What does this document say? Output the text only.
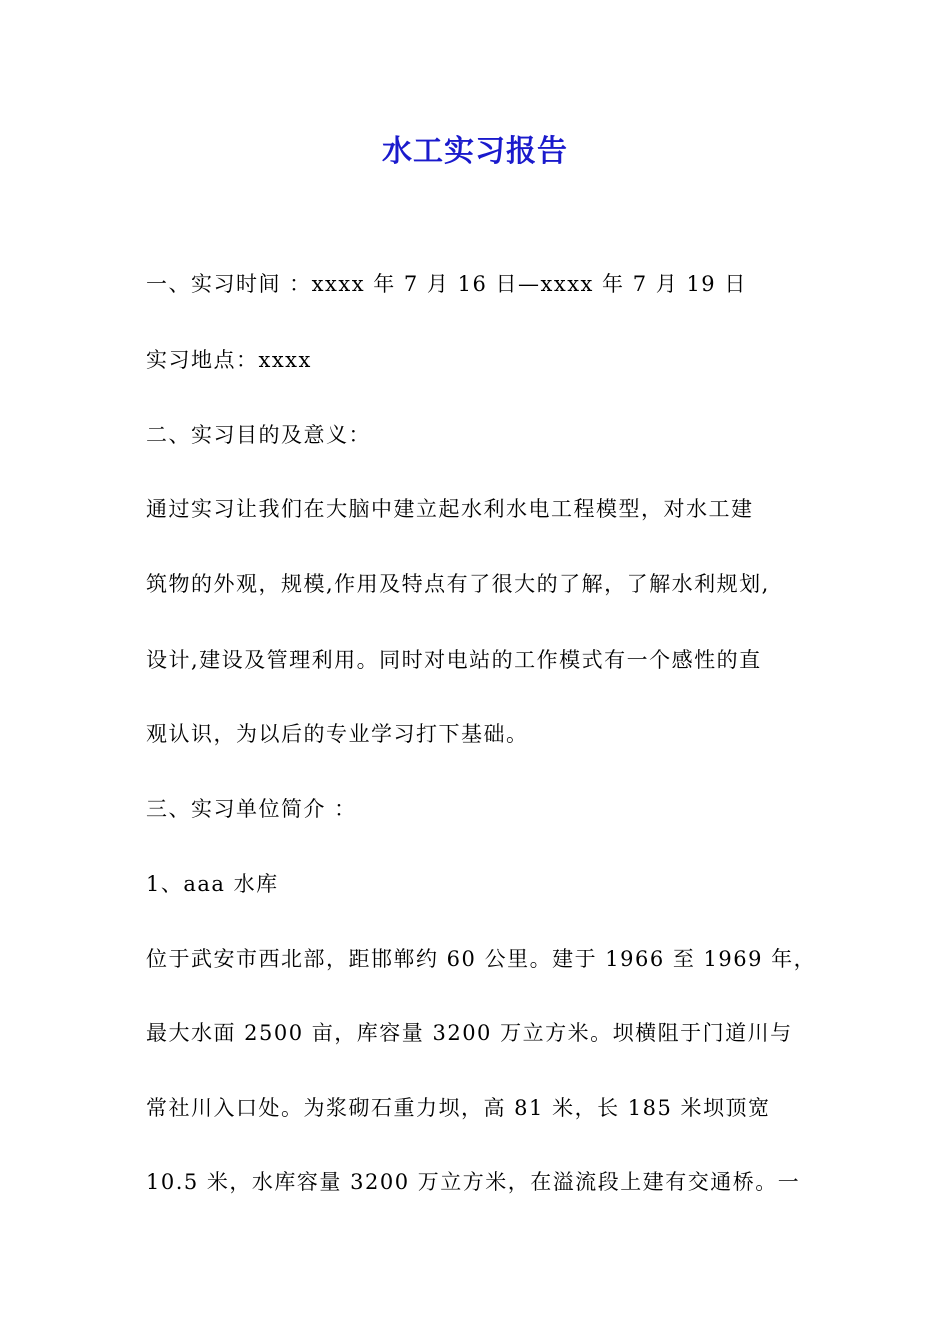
水工实习报告
一、实习时间 ：xxxx 年 7 月 16 日—xxxx 年 7 月 19 日
实习地点：xxxx
二、实习目的及意义：
通过实习让我们在大脑中建立起水利水电工程模型，对水工建
筑物的外观，规模,作用及特点有了很大的了解，了解水利规划,
设计,建设及管理利用。同时对电站的工作模式有一个感性的直
观认识，为以后的专业学习打下基础。
三、实习单位简介 ：
1、aaa 水库
位于武安市西北部，距邯郸约 60 公里。建于 1966 至 1969 年，
最大水面 2500 亩，库容量 3200 万立方米。坝横阻于门道川与
常社川入口处。为浆砌石重力坝，高 81 米，长 185 米坝顶宽
10.5 米，水库容量 3200 万立方米，在溢流段上建有交通桥。一
